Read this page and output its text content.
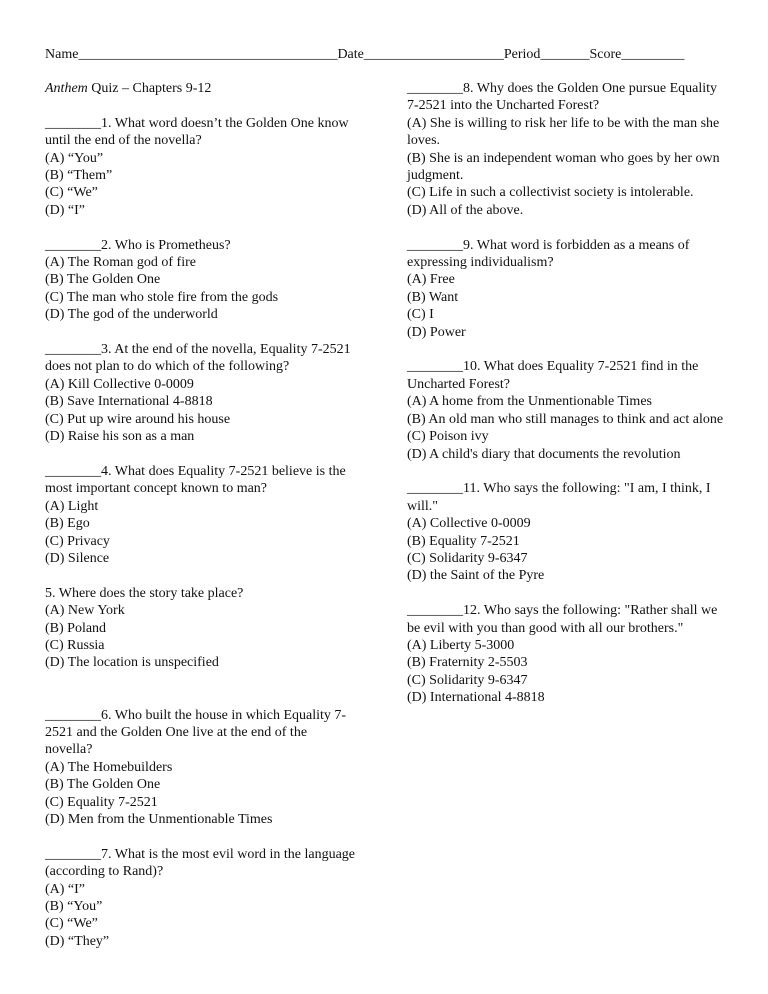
Name_____________________________________Date____________________Period_______Score_________
Anthem Quiz – Chapters 9-12
________1. What word doesn’t the Golden One know until the end of the novella?
(A) “You”
(B) “Them”
(C) “We”
(D) “I”
________2. Who is Prometheus?
(A) The Roman god of fire
(B) The Golden One
(C) The man who stole fire from the gods
(D) The god of the underworld
________3. At the end of the novella, Equality 7-2521 does not plan to do which of the following?
(A) Kill Collective 0-0009
(B) Save International 4-8818
(C) Put up wire around his house
(D) Raise his son as a man
________4. What does Equality 7-2521 believe is the most important concept known to man?
(A) Light
(B) Ego
(C) Privacy
(D) Silence
5. Where does the story take place?
(A) New York
(B) Poland
(C) Russia
(D) The location is unspecified
________6. Who built the house in which Equality 7-2521 and the Golden One live at the end of the novella?
(A) The Homebuilders
(B) The Golden One
(C) Equality 7-2521
(D) Men from the Unmentionable Times
________7. What is the most evil word in the language (according to Rand)?
(A) “I”
(B) “You”
(C) “We”
(D) “They”
________8. Why does the Golden One pursue Equality 7-2521 into the Uncharted Forest?
(A) She is willing to risk her life to be with the man she loves.
(B) She is an independent woman who goes by her own judgment.
(C) Life in such a collectivist society is intolerable.
(D) All of the above.
________9. What word is forbidden as a means of expressing individualism?
(A) Free
(B) Want
(C) I
(D) Power
________10. What does Equality 7-2521 find in the Uncharted Forest?
(A) A home from the Unmentionable Times
(B) An old man who still manages to think and act alone
(C) Poison ivy
(D) A child's diary that documents the revolution
________11. Who says the following: "I am, I think, I will."
(A) Collective 0-0009
(B) Equality 7-2521
(C) Solidarity 9-6347
(D) the Saint of the Pyre
________12. Who says the following: "Rather shall we be evil with you than good with all our brothers."
(A) Liberty 5-3000
(B) Fraternity 2-5503
(C) Solidarity 9-6347
(D) International 4-8818
